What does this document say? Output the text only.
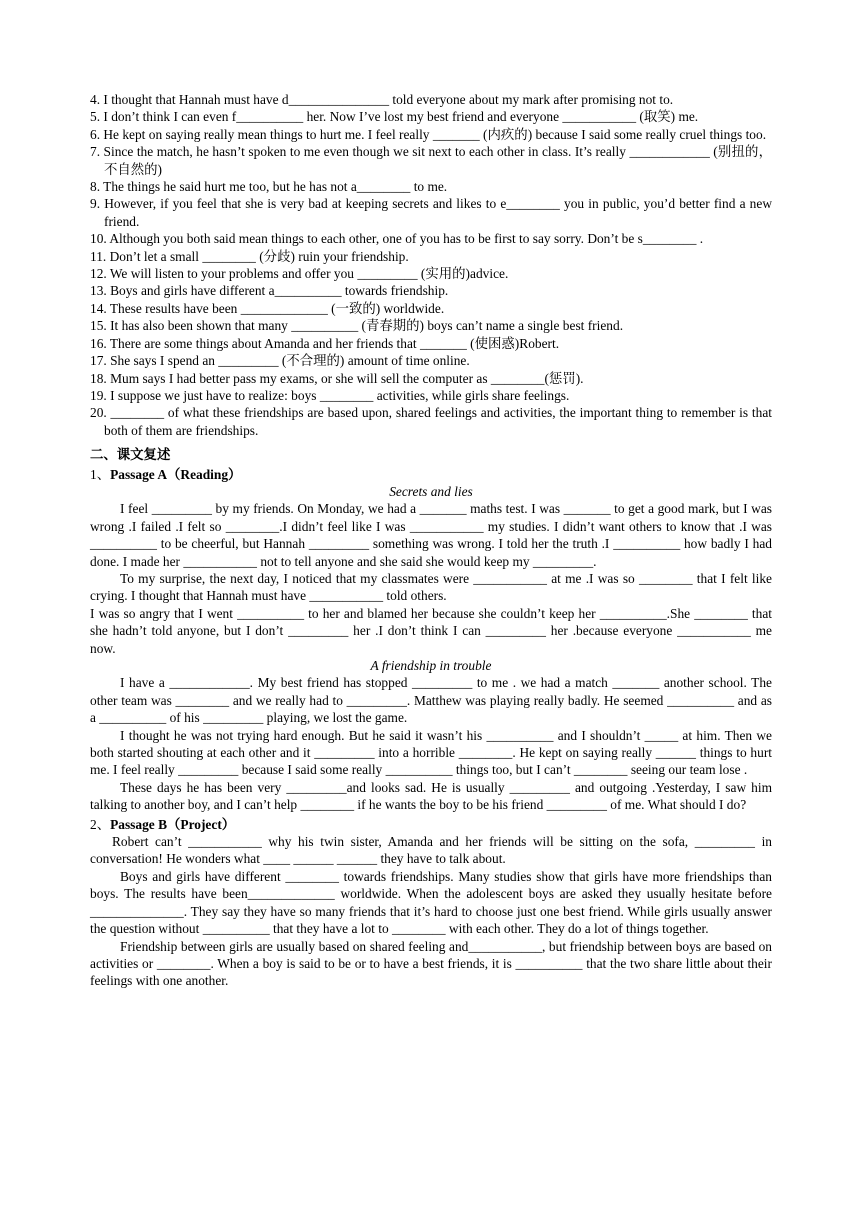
4. I thought that Hannah must have d_______________ told everyone about my mark after promising not to.

5. I don’t think I can even f__________ her. Now I’ve lost my best friend and everyone ___________ (取笑) me.

6. He kept on saying really mean things to hurt me. I feel really _______ (内疚的) because I said some really cruel things too.

7. Since the match, he hasn’t spoken to me even though we sit next to each other in class. It’s really ____________ (别扭的，不自然的)

8. The things he said hurt me too, but he has not a________ to me.

9. However, if you feel that she is very bad at keeping secrets and likes to e________ you in public, you’d better find a new friend.

10. Although you both said mean things to each other, one of you has to be first to say sorry. Don’t be s________ .

11. Don’t let a small ________ (分歧) ruin your friendship.

12. We will listen to your problems and offer you _________ (实用的)advice.

13. Boys and girls have different a__________ towards friendship.

14. These results have been _____________ (一致的) worldwide.

15. It has also been shown that many __________ (青春期的) boys can’t name a single best friend.

16. There are some things about Amanda and her friends that _______ (使困惑)Robert.

17. She says I spend an _________ (不合理的) amount of time online.

18. Mum says I had better pass my exams, or she will sell the computer as ________(惩罚).

19. I suppose we just have to realize: boys ________ activities, while girls share feelings.

20. ________ of what these friendships are based upon, shared feelings and activities, the important thing to remember is that both of them are friendships.

二、课文复述

1、Passage A（Reading）

Secrets and lies

I feel _________ by my friends. On Monday, we had a _______ maths test. I was _______ to get a good mark, but I was wrong .I failed .I felt so ________.I didn’t feel like I was ___________ my studies. I didn’t want others to know that .I was __________ to be cheerful, but Hannah _________ something was wrong. I told her the truth .I __________ how badly I had done. I made her ___________ not to tell anyone and she said she would keep my _________.

To my surprise, the next day, I noticed that my classmates were ___________ at me .I was so ________ that I felt like crying. I thought that Hannah must have ___________ told others.

I was so angry that I went __________ to her and blamed her because she couldn’t keep her __________.She ________ that she hadn’t told anyone, but I don’t _________ her .I don’t think I can _________ her .because everyone ___________ me now.

A friendship in trouble

I have a ____________. My best friend has stopped _________ to me . we had a match _______ another school. The other team was ________ and we really had to _________. Matthew was playing really badly. He seemed __________ and as a __________ of his _________ playing, we lost the game.

I thought he was not trying hard enough. But he said it wasn’t his __________ and I shouldn’t _____ at him. Then we both started shouting at each other and it _________ into a horrible ________. He kept on saying really ______ things to hurt me. I feel really _________ because I said some really __________ things too, but I can’t ________ seeing our team lose .

These days he has been very _________and looks sad. He is usually _________ and outgoing .Yesterday, I saw him talking to another boy, and I can’t help ________ if he wants the boy to be his friend _________ of me. What should I do?

2、Passage B（Project）

Robert can’t ___________ why his twin sister, Amanda and her friends will be sitting on the sofa, _________ in conversation! He wonders what ____ ______ ______ they have to talk about.

Boys and girls have different ________ towards friendships. Many studies show that girls have more friendships than boys. The results have been_____________ worldwide. When the adolescent boys are asked they usually hesitate before ______________. They say they have so many friends that it’s hard to choose just one best friend. While girls usually answer the question without __________ that they have a lot to ________ with each other. They do a lot of things together.

Friendship between girls are usually based on shared feeling and___________, but friendship between boys are based on activities or ________. When a boy is said to be or to have a best friends, it is __________ that the two share little about their feelings with one another.
